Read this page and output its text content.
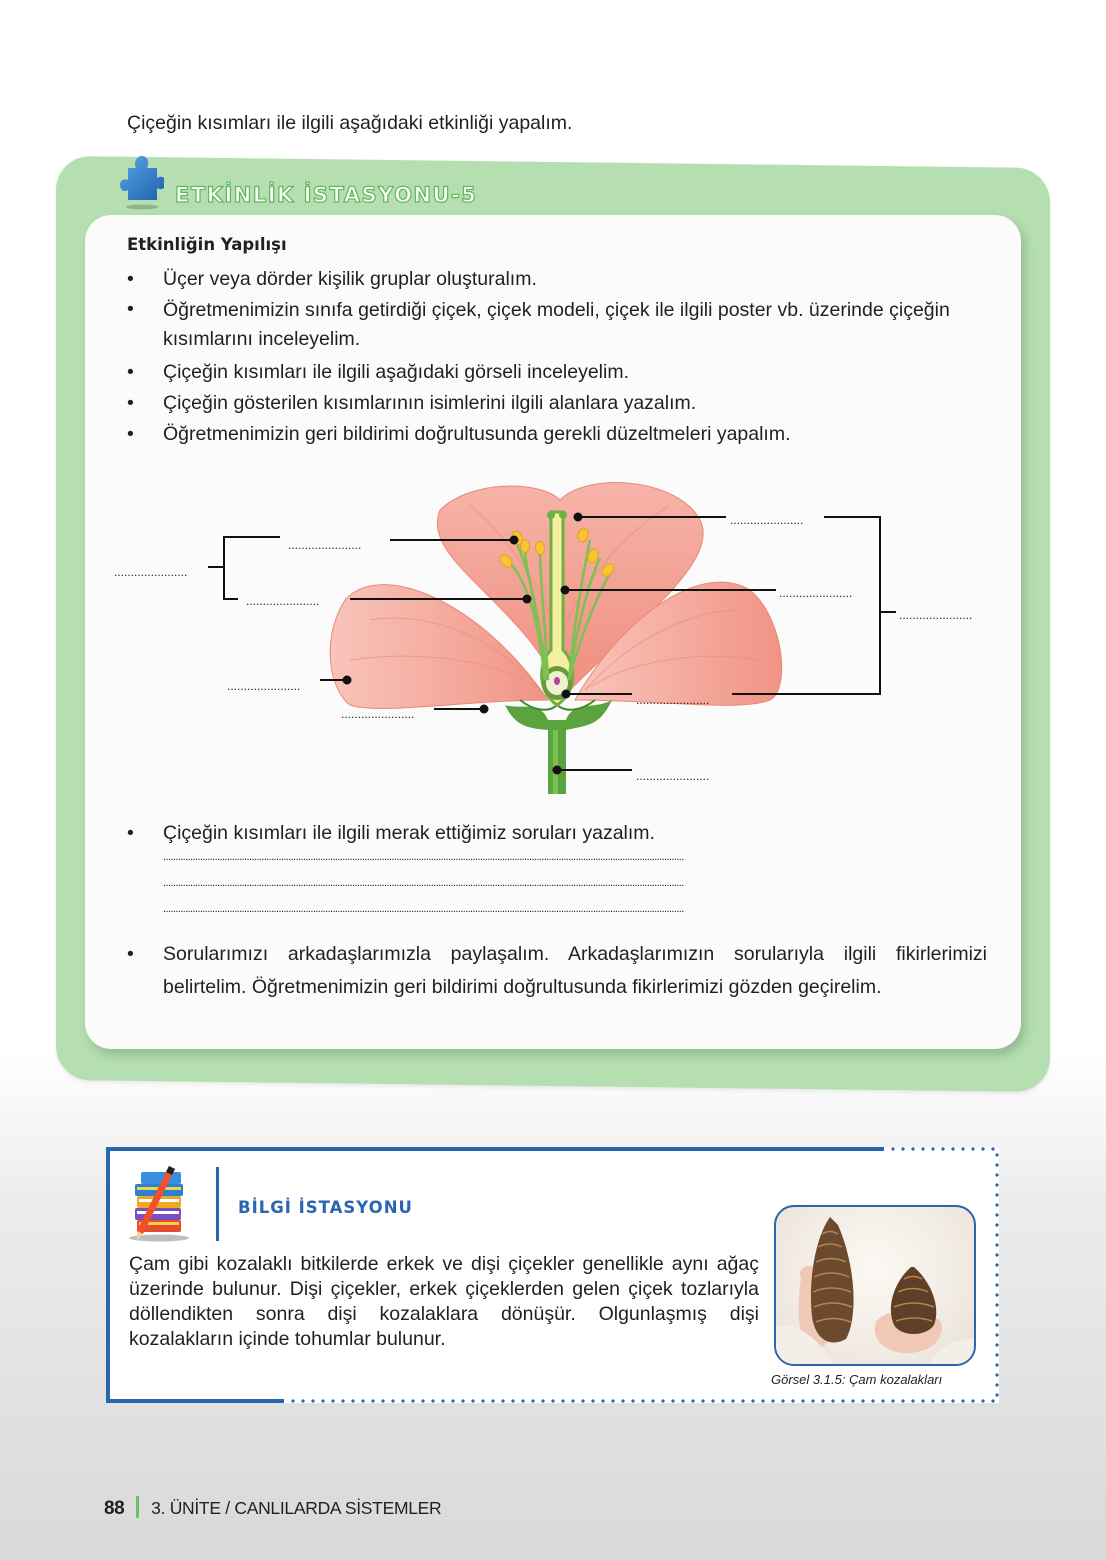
Çiçeğin kısımları ile ilgili aşağıdaki etkinliği yapalım.
ETKİNLİK İSTASYONU-5
Etkinliğin Yapılışı
• Üçer veya dörder kişilik gruplar oluşturalım.
• Öğretmenimizin sınıfa getirdiği çiçek, çiçek modeli, çiçek ile ilgili poster vb. üzerinde çiçeğin kısımlarını inceleyelim.
• Çiçeğin kısımları ile ilgili aşağıdaki görseli inceleyelim.
• Çiçeğin gösterilen kısımlarının isimlerini ilgili alanlara yazalım.
• Öğretmenimizin geri bildirimi doğrultusunda gerekli düzeltmeleri yapalım.
......................
......................
......................
......................
......................
......................
......................
......................
......................
......................
• Çiçeğin kısımları ile ilgili merak ettiğimiz soruları yazalım.
....................................................................................................................................................................................................................
....................................................................................................................................................................................................................
....................................................................................................................................................................................................................
• Sorularımızı arkadaşlarımızla paylaşalım. Arkadaşlarımızın sorularıyla ilgili fikirlerimizi belirtelim. Öğretmenimizin geri bildirimi doğrultusunda fikirlerimizi gözden geçirelim.
BİLGİ İSTASYONU
Çam gibi kozalaklı bitkilerde erkek ve dişi çiçekler genellikle aynı ağaç üzerinde bulunur. Dişi çiçekler, erkek çiçeklerden gelen çiçek tozlarıyla döllendikten sonra dişi kozalaklara dönüşür. Olgunlaşmış dişi kozalakların içinde tohumlar bulunur.
Görsel 3.1.5: Çam kozalakları
88 3. ÜNİTE / CANLILARDA SİSTEMLER
